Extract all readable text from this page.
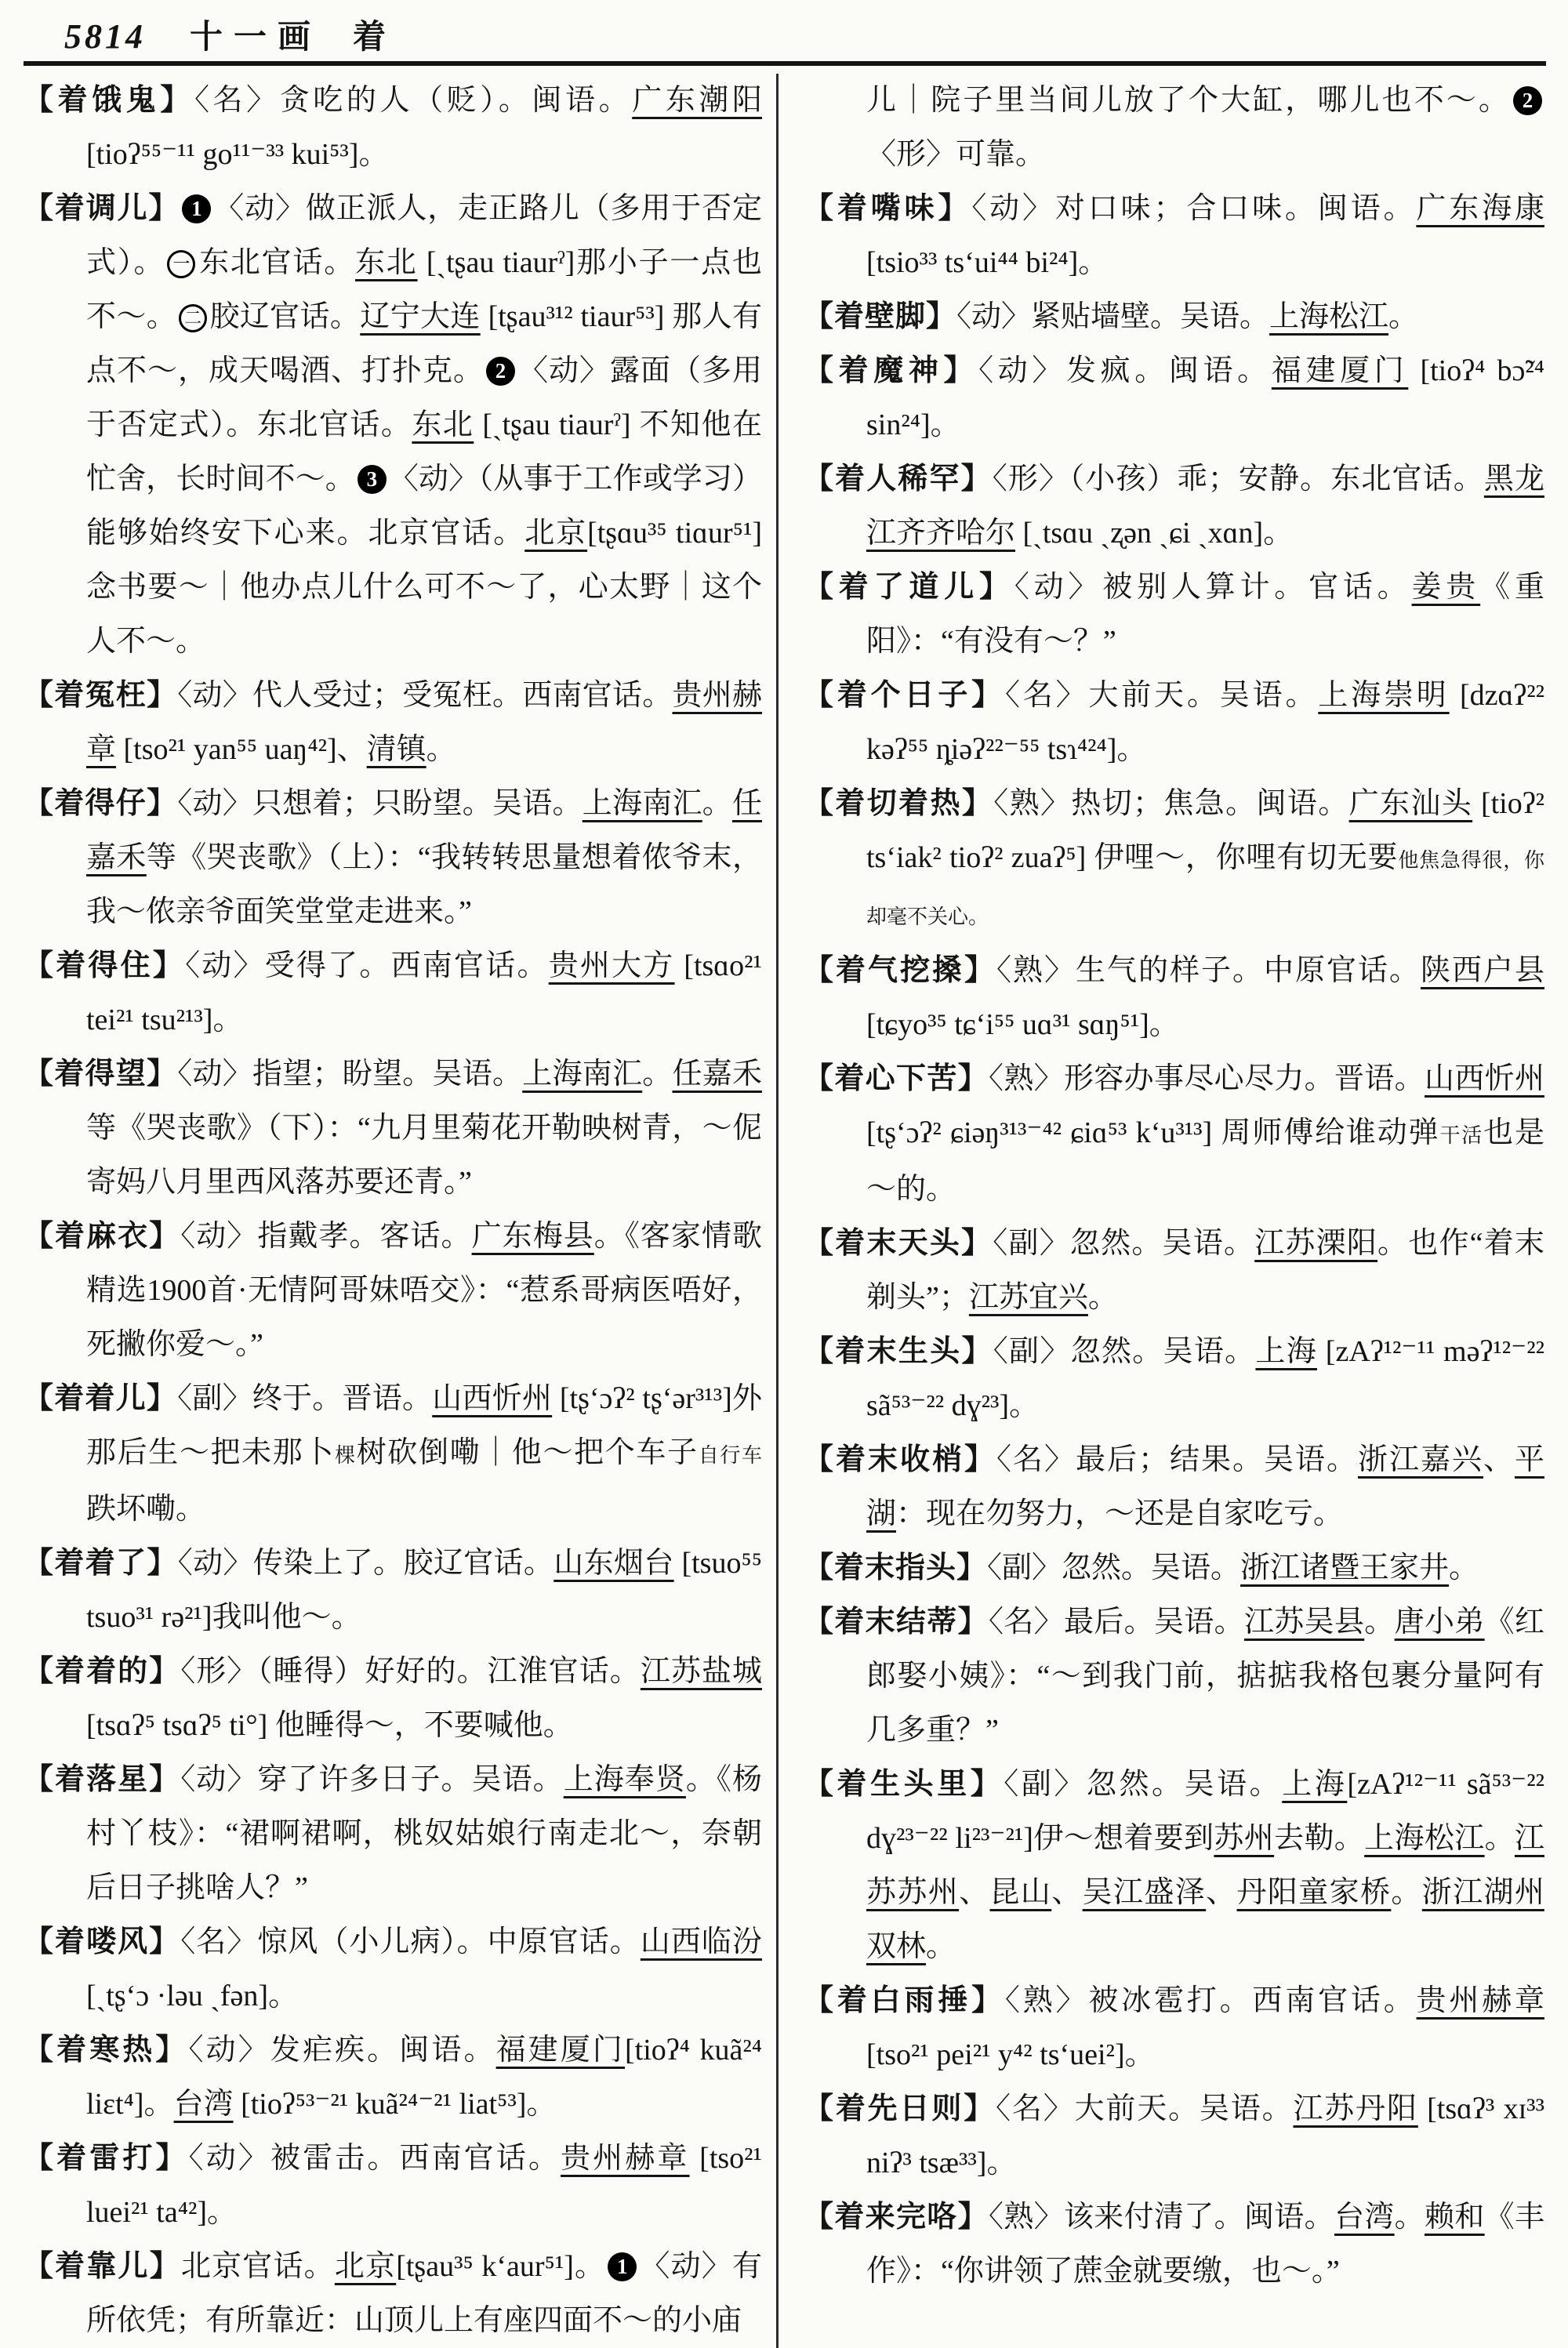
5814 十一画 着
【着饿鬼】〈名〉贪吃的人（贬）。闽语。广东潮阳 [tioʔ⁵⁵⁻¹¹ go¹¹⁻³³ kui⁵³]。
【着调儿】 1 〈动〉做正派人，走正路儿（多用于否定式）。 一 东北官话。东北 [ˏtʂau tiaurˀ]那小子一点也不～。 二 胶辽官话。辽宁大连 [tʂau³¹² tiaur⁵³] 那人有点不～，成天喝酒、打扑克。 2 〈动〉露面（多用于否定式）。东北官话。东北 [ˏtʂau tiaurˀ] 不知他在忙舍，长时间不～。 3 〈动〉（从事于工作或学习）能够始终安下心来。北京官话。北京[tʂɑu³⁵ tiɑur⁵¹] 念书要～｜他办点儿什么可不～了，心太野｜这个人不～。
【着冤枉】〈动〉代人受过；受冤枉。西南官话。贵州赫章 [tso²¹ yan⁵⁵ uaŋ⁴²]、清镇。
【着得仔】〈动〉只想着；只盼望。吴语。上海南汇。任嘉禾等《哭丧歌》（上）：“我转转思量想着侬爷末，我～侬亲爷面笑堂堂走进来。”
【着得住】〈动〉受得了。西南官话。贵州大方 [tsɑo²¹ tei²¹ tsu²¹³]。
【着得望】〈动〉指望；盼望。吴语。上海南汇。任嘉禾等《哭丧歌》（下）：“九月里菊花开勒映树青，～伲寄妈八月里西风落苏要还青。”
【着麻衣】〈动〉指戴孝。客话。广东梅县。《客家情歌精选1900首·无情阿哥妹唔交》：“惹系哥病医唔好，死撇你爱～。”
【着着儿】〈副〉终于。晋语。山西忻州 [tʂ‘ɔʔ² tʂ‘ər³¹³]外那后生～把未那卜棵树砍倒嘞｜他～把个车子自行车跌坏嘞。
【着着了】〈动〉传染上了。胶辽官话。山东烟台 [tsuo⁵⁵ tsuo³¹ rə²¹]我叫他～。
【着着的】〈形〉（睡得）好好的。江淮官话。江苏盐城 [tsɑʔ⁵ tsɑʔ⁵ ti°] 他睡得～，不要喊他。
【着落星】〈动〉穿了许多日子。吴语。上海奉贤。《杨村丫枝》：“裙啊裙啊，桃奴姑娘行南走北～，奈朝后日子挑啥人？”
【着喽风】〈名〉惊风（小儿病）。中原官话。山西临汾 [ˏtʂ‘ɔ ·ləu ˏfən]。
【着寒热】〈动〉发疟疾。闽语。福建厦门[tioʔ⁴ kuã²⁴ liɛt⁴]。台湾 [tioʔ⁵³⁻²¹ kuã²⁴⁻²¹ liat⁵³]。
【着雷打】〈动〉被雷击。西南官话。贵州赫章 [tso²¹ luei²¹ ta⁴²]。
【着靠儿】北京官话。北京[tʂau³⁵ k‘aur⁵¹]。 1 〈动〉有所依凭；有所靠近：山顶儿上有座四面不～的小庙
儿｜院子里当间儿放了个大缸，哪儿也不～。 2〈形〉可靠。
【着嘴味】〈动〉对口味；合口味。闽语。广东海康 [tsio³³ ts‘ui⁴⁴ bi²⁴]。
【着壁脚】〈动〉紧贴墙壁。吴语。上海松江。
【着魔神】〈动〉发疯。闽语。福建厦门 [tioʔ⁴ bɔ̃²⁴ sin²⁴]。
【着人稀罕】〈形〉（小孩）乖；安静。东北官话。黑龙江齐齐哈尔 [ˏtsɑu ˏʐən ˏɕi ˏxɑn]。
【着了道儿】〈动〉被别人算计。官话。姜贵《重阳》：“有没有～？”
【着个日子】〈名〉大前天。吴语。上海崇明 [dzɑʔ²² kəʔ⁵⁵ ȵiəʔ²²⁻⁵⁵ tsɿ⁴²⁴]。
【着切着热】〈熟〉热切；焦急。闽语。广东汕头 [tioʔ² ts‘iak² tioʔ² zuaʔ⁵] 伊哩～，你哩有切无要他焦急得很，你却毫不关心。
【着气挖搡】〈熟〉生气的样子。中原官话。陕西户县 [tɕyo³⁵ tɕ‘i⁵⁵ uɑ³¹ sɑŋ⁵¹]。
【着心下苦】〈熟〉形容办事尽心尽力。晋语。山西忻州 [tʂ‘ɔʔ² ɕiəŋ³¹³⁻⁴² ɕiɑ⁵³ k‘u³¹³] 周师傅给谁动弹干活也是～的。
【着末天头】〈副〉忽然。吴语。江苏溧阳。也作“着末剃头”；江苏宜兴。
【着末生头】〈副〉忽然。吴语。上海 [zAʔ¹²⁻¹¹ məʔ¹²⁻²² sã⁵³⁻²² dɣ²³]。
【着末收梢】〈名〉最后；结果。吴语。浙江嘉兴、平湖：现在勿努力，～还是自家吃亏。
【着末指头】〈副〉忽然。吴语。浙江诸暨王家井。
【着末结蒂】〈名〉最后。吴语。江苏吴县。唐小弟《红郎娶小姨》：“～到我门前，掂掂我格包裹分量阿有几多重？”
【着生头里】〈副〉忽然。吴语。上海[zAʔ¹²⁻¹¹ sã⁵³⁻²² dɣ²³⁻²² li²³⁻²¹]伊～想着要到苏州去勒。上海松江。江苏苏州、昆山、吴江盛泽、丹阳童家桥。浙江湖州双林。
【着白雨捶】〈熟〉被冰雹打。西南官话。贵州赫章 [tso²¹ pei²¹ y⁴² ts‘uei²]。
【着先日则】〈名〉大前天。吴语。江苏丹阳 [tsɑʔ³ xɪ³³ niʔ³ tsæ³³]。
【着来完咯】〈熟〉该来付清了。闽语。台湾。赖和《丰作》：“你讲领了蔗金就要缴，也～。”
